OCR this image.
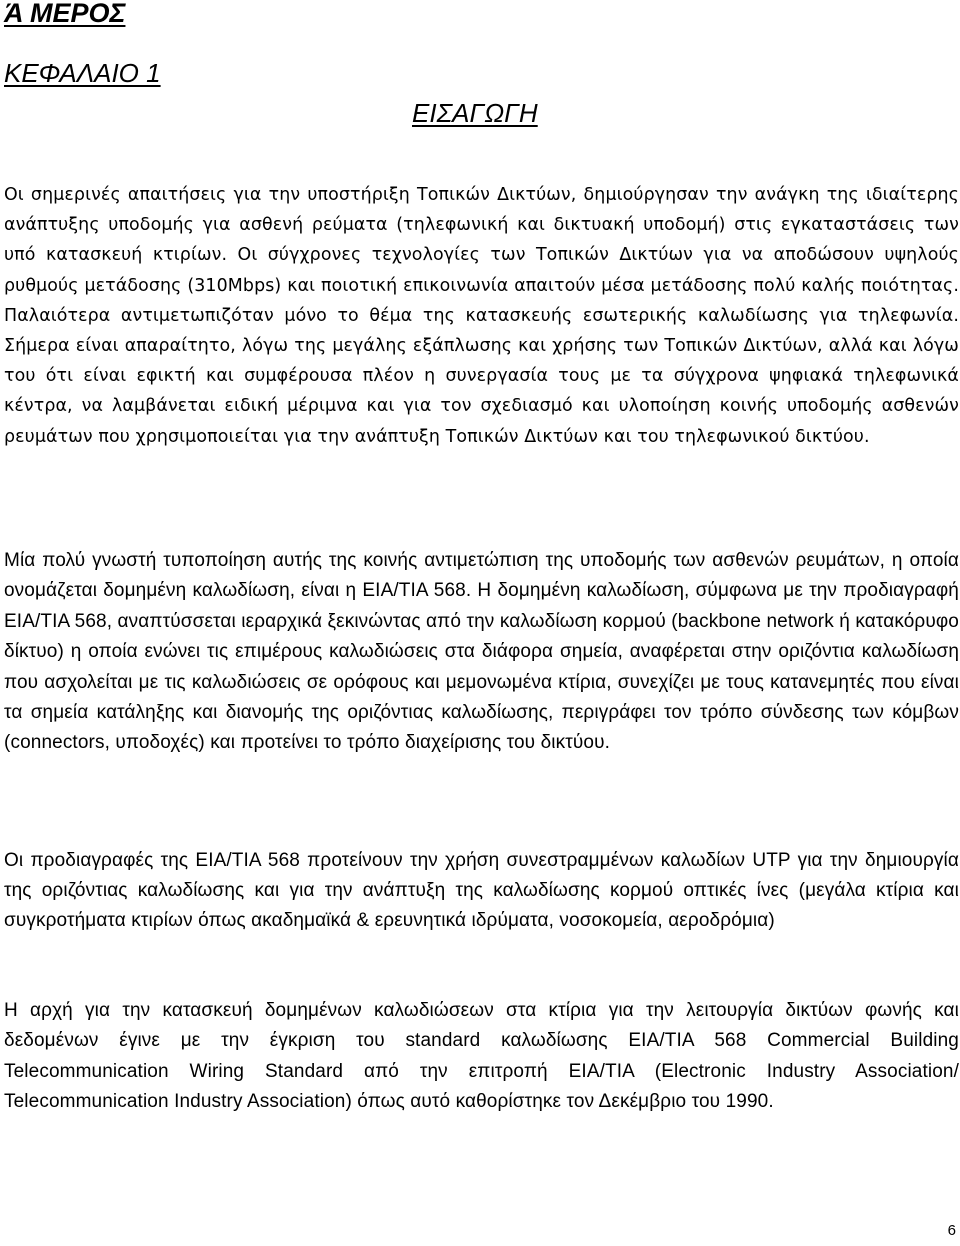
Ά ΜΕΡΟΣ
ΚΕΦΑΛΑΙΟ 1
ΕΙΣΑΓΩΓΗ

Οι σημερινές απαιτήσεις για την υποστήριξη Τοπικών Δικτύων, δημιούργησαν την ανάγκη της ιδιαίτερης ανάπτυξης υποδομής για ασθενή ρεύματα (τηλεφωνική και δικτυακή υποδομή) στις εγκαταστάσεις των υπό κατασκευή κτιρίων. Οι σύγχρονες τεχνολογίες των Τοπικών Δικτύων για να αποδώσουν υψηλούς ρυθμούς μετάδοσης (310Mbps) και ποιοτική επικοινωνία απαιτούν μέσα μετάδοσης πολύ καλής ποιότητας. Παλαιότερα αντιμετωπιζόταν μόνο το θέμα της κατασκευής εσωτερικής καλωδίωσης για τηλεφωνία. Σήμερα είναι απαραίτητο, λόγω της μεγάλης εξάπλωσης και χρήσης των Τοπικών Δικτύων, αλλά και λόγω του ότι είναι εφικτή και συμφέρουσα πλέον η συνεργασία τους με τα σύγχρονα ψηφιακά τηλεφωνικά κέντρα, να λαμβάνεται ειδική μέριμνα και για τον σχεδιασμό και υλοποίηση κοινής υποδομής ασθενών ρευμάτων που χρησιμοποιείται για την ανάπτυξη Τοπικών Δικτύων και του τηλεφωνικού δικτύου.

Μία πολύ γνωστή τυποποίηση αυτής της κοινής αντιμετώπιση της υποδομής των ασθενών ρευμάτων, η οποία ονομάζεται δομημένη καλωδίωση, είναι η EIA/TIA 568. Η δομημένη καλωδίωση, σύμφωνα με την προδιαγραφή EIA/TIA 568, αναπτύσσεται ιεραρχικά ξεκινώντας από την καλωδίωση κορμού (backbone network ή κατακόρυφο δίκτυο) η οποία ενώνει τις επιμέρους καλωδιώσεις στα διάφορα σημεία, αναφέρεται στην οριζόντια καλωδίωση που ασχολείται με τις καλωδιώσεις σε ορόφους και μεμονωμένα κτίρια, συνεχίζει με τους κατανεμητές που είναι τα σημεία κατάληξης και διανομής της οριζόντιας καλωδίωσης, περιγράφει τον τρόπο σύνδεσης των κόμβων (connectors, υποδοχές) και προτείνει το τρόπο διαχείρισης του δικτύου.

Οι προδιαγραφές της EIA/TIA 568 προτείνουν την χρήση συνεστραμμένων καλωδίων UTP για την δημιουργία της οριζόντιας καλωδίωσης και για την ανάπτυξη της καλωδίωσης κορμού οπτικές ίνες (μεγάλα κτίρια και συγκροτήματα κτιρίων όπως ακαδημαϊκά & ερευνητικά ιδρύματα, νοσοκομεία, αεροδρόμια)

Η αρχή για την κατασκευή δομημένων καλωδιώσεων στα κτίρια για την λειτουργία δικτύων φωνής και δεδομένων έγινε με την έγκριση του standard καλωδίωσης EIA/TIA 568 Commercial Building Telecommunication Wiring Standard από την επιτροπή EIA/TIA (Electronic Industry Association/ Telecommunication Industry Association) όπως αυτό καθορίστηκε τον Δεκέμβριο του 1990.

6
